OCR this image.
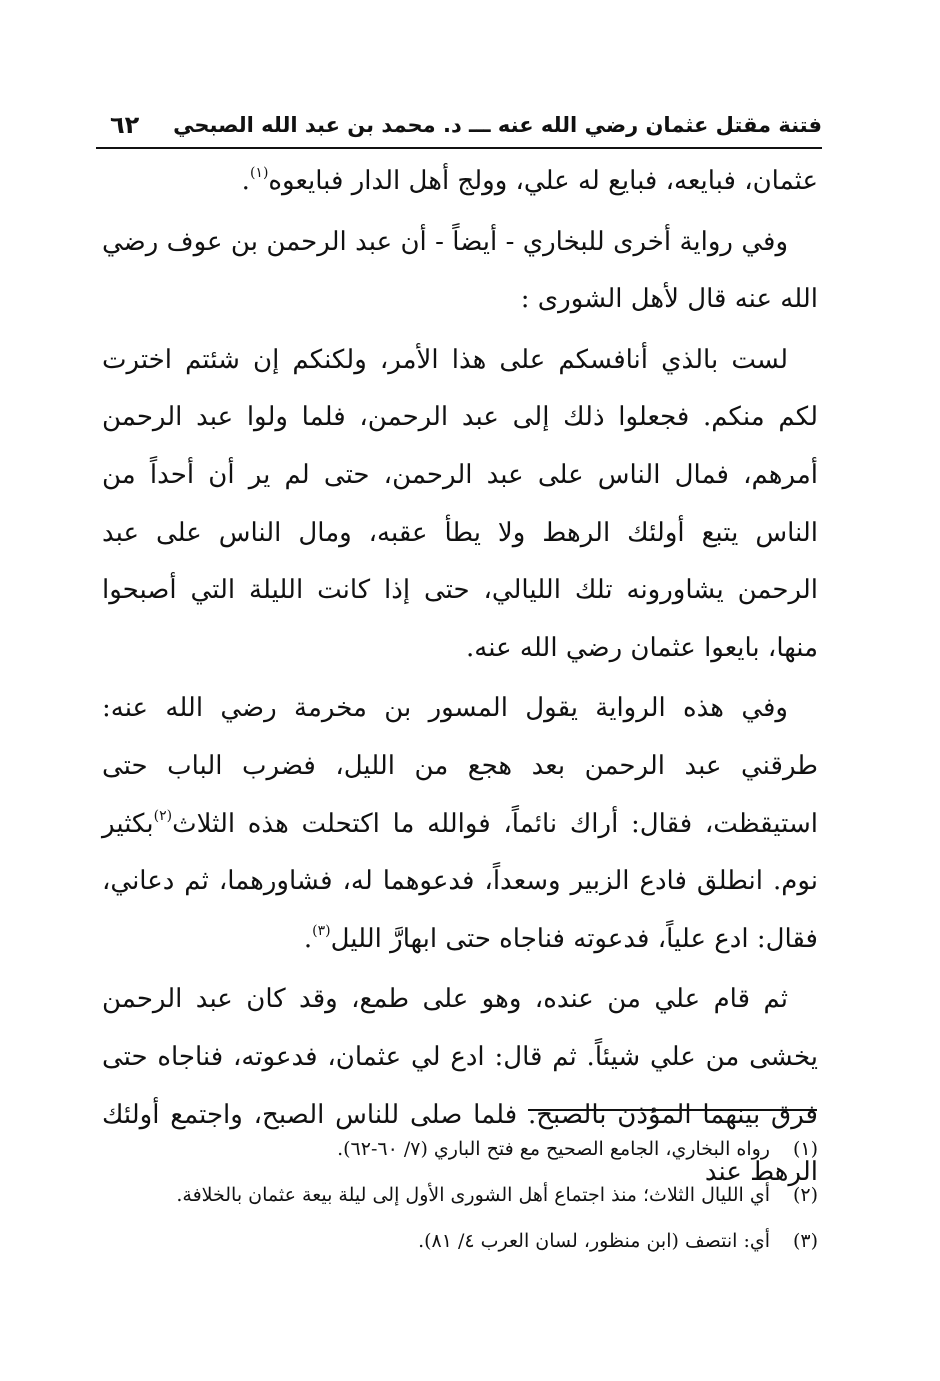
فتنة مقتل عثمان رضي الله عنه ـــ د. محمد بن عبد الله الصبحي
٦٢

عثمان، فبايعه، فبايع له علي، وولج أهل الدار فبايعوه$^{(١)}$.

وفي رواية أخرى للبخاري - أيضاً - أن عبد الرحمن بن عوف رضي الله عنه قال لأهل الشورى :

لست بالذي أنافسكم على هذا الأمر، ولكنكم إن شئتم اخترت لكم منكم. فجعلوا ذلك إلى عبد الرحمن، فلما ولوا عبد الرحمن أمرهم، فمال الناس على عبد الرحمن، حتى لم ير أن أحداً من الناس يتبع أولئك الرهط ولا يطأ عقبه، ومال الناس على عبد الرحمن يشاورونه تلك الليالي، حتى إذا كانت الليلة التي أصبحوا منها، بايعوا عثمان رضي الله عنه.

وفي هذه الرواية يقول المسور بن مخرمة رضي الله عنه: طرقني عبد الرحمن بعد هجع من الليل، فضرب الباب حتى استيقظت، فقال: أراك نائماً، فوالله ما اكتحلت هذه الثلاث$^{(٢)}$بكثير نوم. انطلق فادع الزبير وسعداً، فدعوهما له، فشاورهما، ثم دعاني، فقال: ادع علياً، فدعوته فناجاه حتى ابهارَّ الليل$^{(٣)}$.

ثم قام علي من عنده، وهو على طمع، وقد كان عبد الرحمن يخشى من علي شيئاً. ثم قال: ادع لي عثمان، فدعوته، فناجاه حتى فرق بينهما المؤذن بالصبح. فلما صلى للناس الصبح، واجتمع أولئك الرهط عند

(١)
رواه البخاري، الجامع الصحيح مع فتح الباري (٧/ ٦٠-٦٢).
(٢)
أي الليال الثلاث؛ منذ اجتماع أهل الشورى الأول إلى ليلة بيعة عثمان بالخلافة.
(٣)
أي: انتصف (ابن منظور، لسان العرب ٤/ ٨١).
